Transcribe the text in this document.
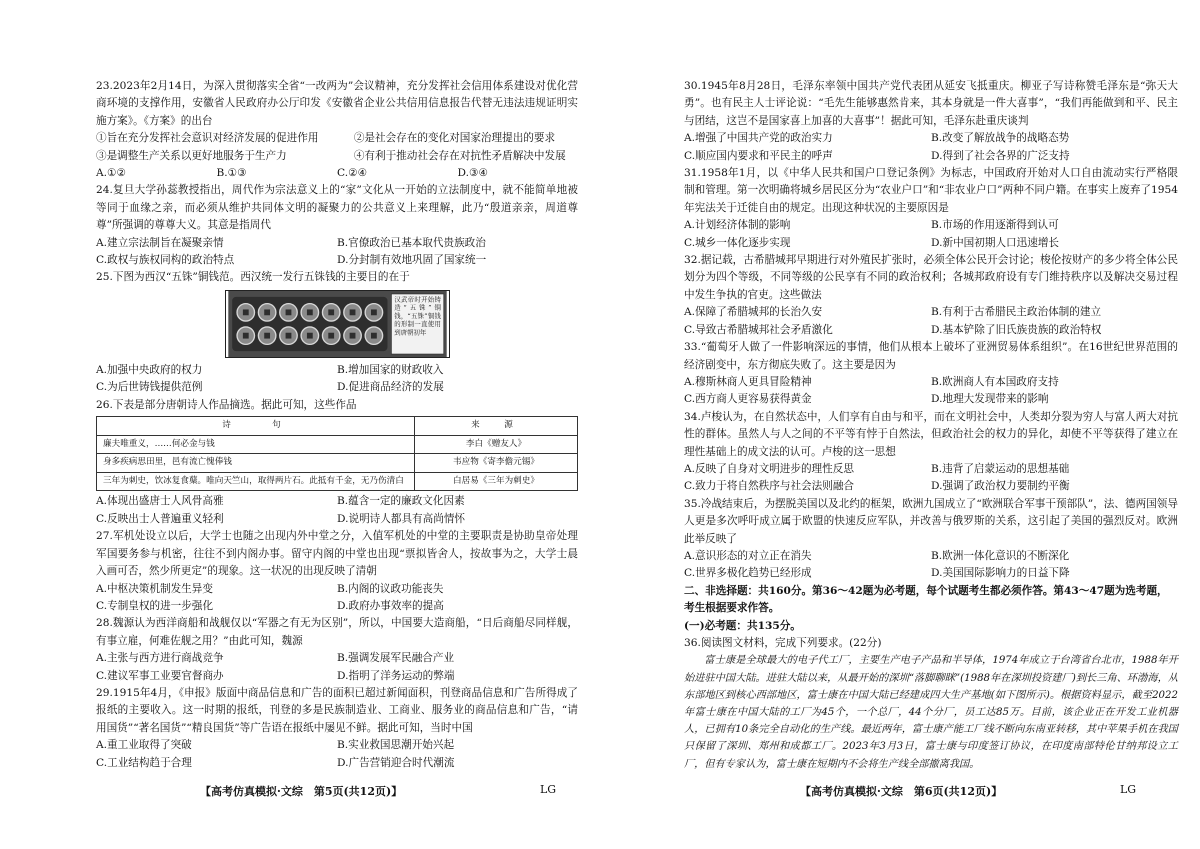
23.2023年2月14日，为深入贯彻落实全省“一改两为”会议精神，充分发挥社会信用体系建设对优化营商环境的支撑作用，安徽省人民政府办公厅印发《安徽省企业公共信用信息报告代替无违法违规证明实施方案》。《方案》的出台

①旨在充分发挥社会意识对经济发展的促进作用	②是社会存在的变化对国家治理提出的要求
③是调整生产关系以更好地服务于生产力	④有利于推动社会存在对抗性矛盾解决中发展
A.①②	B.①③	C.②④	D.③④

24.复旦大学孙蕊教授指出，周代作为宗法意义上的“家”文化从一开始的立法制度中，就不能简单地被等同于血缘之亲，而必须从维护共同体文明的凝聚力的公共意义上来理解，此乃“殷道亲亲，周道尊尊”所强调的尊尊大义。其意是指周代

A.建立宗法制旨在凝聚亲情	B.官僚政治已基本取代贵族政治
C.政权与族权同构的政治特点	D.分封制有效地巩固了国家统一

25.下图为西汉“五铢”铜钱范。西汉统一发行五铢钱的主要目的在于

汉武帝时开始铸造“五铢”铜钱，“五铢”铜钱的形制一直使用到唐朝初年
A.加强中央政府的权力	B.增加国家的财政收入
C.为后世铸钱提供范例	D.促进商品经济的发展

26.下表是部分唐朝诗人作品摘选。据此可知，这些作品

诗　　句	来　源
廉夫唯重义，……何必金与钱	李白《赠友人》
身多疾病思田里，邑有流亡愧俸钱	韦应物《寄李儋元锡》
三年为刺史，饮冰复食蘖。唯向天竺山，取得两片石。此抵有千金，无乃伤清白	白居易《三年为刺史》
A.体现出盛唐士人风骨高雅	B.蕴含一定的廉政文化因素
C.反映出士人普遍重义轻利	D.说明诗人都具有高尚情怀

27.军机处设立以后，大学士也随之出现内外中堂之分，入值军机处的中堂的主要职责是协助皇帝处理军国要务参与机密，往往不到内阁办事。留守内阁的中堂也出现“票拟皆舍人，按故事为之，大学士晨入画可否，然少所更定”的现象。这一状况的出现反映了清朝

A.中枢决策机制发生异变	B.内阁的议政功能丧失
C.专制皇权的进一步强化	D.政府办事效率的提高

28.魏源认为西洋商船和战舰仅以“军器之有无为区别”，所以，中国要大造商船，“日后商船尽同样舰，有事立雇，何难佐舰之用？”由此可知，魏源

A.主张与西方进行商战竞争	B.强调发展军民融合产业
C.建议军事工业要官督商办	D.指明了洋务运动的弊端

29.1915年4月，《申报》版面中商品信息和广告的面积已超过新闻面积，刊登商品信息和广告所得成了报纸的主要收入。这一时期的报纸，刊登的多是民族制造业、工商业、服务业的商品信息和广告，“请用国货”“著名国货”“精良国货”等广告语在报纸中屡见不鲜。据此可知，当时中国

A.重工业取得了突破	B.实业救国思潮开始兴起
C.工业结构趋于合理	D.广告营销迎合时代潮流
【高考仿真模拟·文综　第5页(共12页)】	LG

30.1945年8月28日，毛泽东率领中国共产党代表团从延安飞抵重庆。柳亚子写诗称赞毛泽东是“弥天大勇”。也有民主人士评论说：“毛先生能够惠然肯来，其本身就是一件大喜事”，“我们再能做到和平、民主与团结，这岂不是国家喜上加喜的大喜事”！据此可知，毛泽东赴重庆谈判

A.增强了中国共产党的政治实力	B.改变了解放战争的战略态势
C.顺应国内要求和平民主的呼声	D.得到了社会各界的广泛支持

31.1958年1月，以《中华人民共和国户口登记条例》为标志，中国政府开始对人口自由流动实行严格限制和管理。第一次明确将城乡居民区分为“农业户口”和“非农业户口”两种不同户籍。在事实上废弃了1954年宪法关于迁徙自由的规定。出现这种状况的主要原因是

A.计划经济体制的影响	B.市场的作用逐渐得到认可
C.城乡一体化逐步实现	D.新中国初期人口迅速增长

32.据记载，古希腊城邦早期进行对外殖民扩张时，必须全体公民开会讨论；梭伦按财产的多少将全体公民划分为四个等级，不同等级的公民享有不同的政治权利；各城邦政府设有专门维持秩序以及解决交易过程中发生争执的官吏。这些做法

A.保障了希腊城邦的长治久安	B.有利于古希腊民主政治体制的建立
C.导致古希腊城邦社会矛盾激化	D.基本铲除了旧氏族贵族的政治特权

33.“葡萄牙人做了一件影响深远的事情，他们从根本上破坏了亚洲贸易体系组织”。在16世纪世界范围的经济剧变中，东方彻底失败了。这主要是因为

A.穆斯林商人更具冒险精神	B.欧洲商人有本国政府支持
C.西方商人更容易获得黄金	D.地理大发现带来的影响

34.卢梭认为，在自然状态中，人们享有自由与和平，而在文明社会中，人类却分裂为穷人与富人两大对抗性的群体。虽然人与人之间的不平等有悖于自然法，但政治社会的权力的异化，却使不平等获得了建立在理性基础上的成文法的认可。卢梭的这一思想

A.反映了自身对文明进步的理性反思	B.违背了启蒙运动的思想基础
C.致力于将自然秩序与社会法则融合	D.强调了政治权力要制约平衡

35.冷战结束后，为摆脱美国以及北约的框架，欧洲九国成立了“欧洲联合军事干预部队”，法、德两国领导人更是多次呼吁成立属于欧盟的快速反应军队，并改善与俄罗斯的关系，这引起了美国的强烈反对。欧洲此举反映了

A.意识形态的对立正在消失	B.欧洲一体化意识的不断深化
C.世界多极化趋势已经形成	D.美国国际影响力的日益下降

二、非选择题：共160分。第36～42题为必考题，每个试题考生都必须作答。第43～47题为选考题，考生根据要求作答。

(一)必考题：共135分。

36.阅读图文材料，完成下列要求。(22分)

富士康是全球最大的电子代工厂，主要生产电子产品和半导体，1974年成立于台湾省台北市，1988年开始进驻中国大陆。进驻大陆以来，从最开始的深圳“落脚聊眯”(1988年在深圳投资建厂)到长三角、环渤海，从东部地区到核心西部地区，富士康在中国大陆已经建成四大生产基地(如下图所示)。根据资料显示，截至2022年富士康在中国大陆的工厂为45个，一个总厂，44个分厂，员工达85万。目前，该企业正在开发工业机器人，已拥有10条完全自动化的生产线。最近两年，富士康产能工厂线不断向东南亚转移，其中苹果手机在我国只保留了深圳、郑州和成都工厂。2023年3月3日，富士康与印度签订协议，在印度南部特伦甘纳邦设立工厂，但有专家认为，富士康在短期内不会将生产线全部撤离我国。

【高考仿真模拟·文综　第6页(共12页)】	LG
